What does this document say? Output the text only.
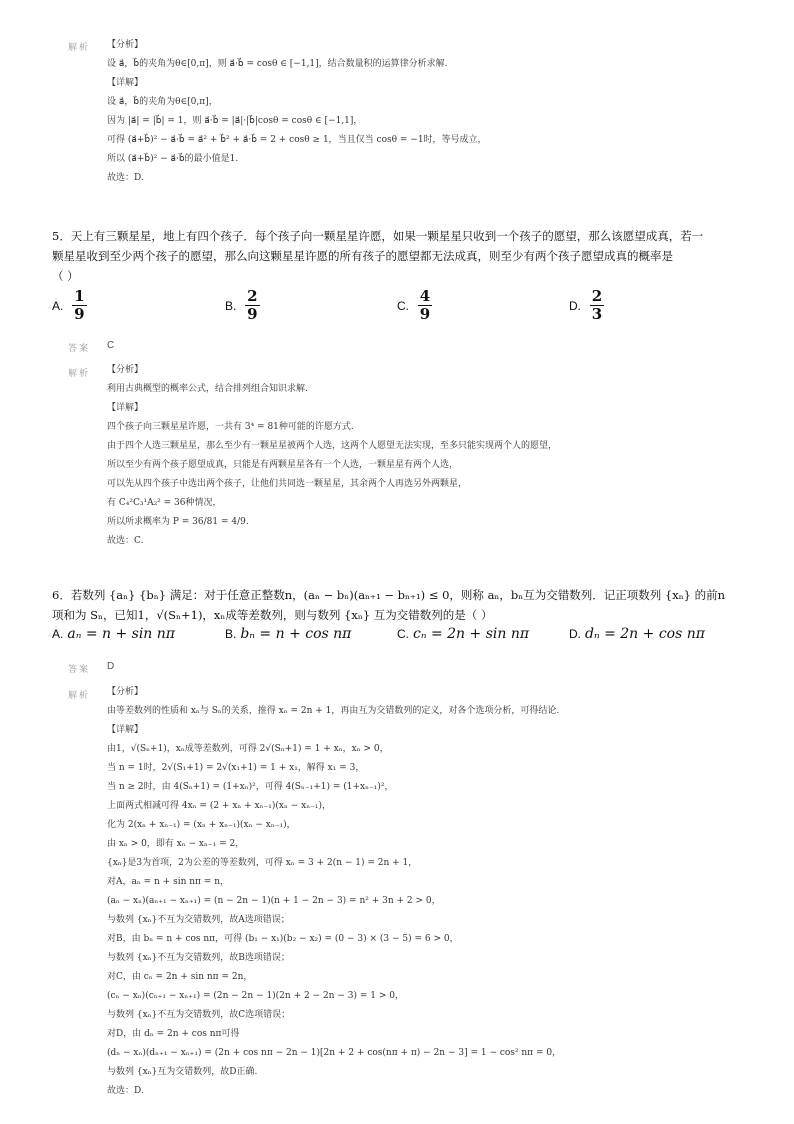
解析 【分析】
设 a⃗，b⃗的夹角为θ∈[0,π]，则 a⃗·b⃗ = cosθ ∈ [−1,1]，结合数量积的运算律分析求解.
【详解】
设 a⃗，b⃗的夹角为θ∈[0,π]，
因为 |a⃗| = |b⃗| = 1，则 a⃗·b⃗ = |a⃗|·|b⃗|cosθ = cosθ ∈ [−1,1]，
可得 (a⃗+b⃗)² − a⃗·b⃗ = a⃗² + b⃗² + a⃗·b⃗ = 2 + cosθ ≥ 1，当且仅当 cosθ = −1时，等号成立，
所以 (a⃗+b⃗)² − a⃗·b⃗的最小值是1.
故选：D.
5．天上有三颗星星，地上有四个孩子．每个孩子向一颗星星许愿，如果一颗星星只收到一个孩子的愿望，那么该愿望成真，若一
颗星星收到至少两个孩子的愿望，那么向这颗星星许愿的所有孩子的愿望都无法成真，则至少有两个孩子愿望成真的概率是
（ ）
A. $\frac{1}{9}$	B. $\frac{2}{9}$	C. $\frac{4}{9}$	D. $\frac{2}{3}$
答案 C
解析 【分析】
利用古典概型的概率公式，结合排列组合知识求解.
【详解】
四个孩子向三颗星星许愿，一共有 3⁴ = 81种可能的许愿方式.
由于四个人选三颗星星，那么至少有一颗星星被两个人选，这两个人愿望无法实现，至多只能实现两个人的愿望，
所以至少有两个孩子愿望成真，只能是有两颗星星各有一个人选，一颗星星有两个人选，
可以先从四个孩子中选出两个孩子，让他们共同选一颗星星，其余两个人再选另外两颗星，
有 C₄²C₃¹A₂² = 36种情况，
所以所求概率为 P = 36/81 = 4/9.
故选：C.
6．若数列 {aₙ} {bₙ} 满足：对于任意正整数n，(aₙ − bₙ)(aₙ₊₁ − bₙ₊₁) ≤ 0，则称 aₙ，bₙ互为交错数列．记正项数列 {xₙ} 的前n
项和为 Sₙ，已知1，√(Sₙ+1)，xₙ成等差数列，则与数列 {xₙ} 互为交错数列的是（ ）
A. aₙ = n + sin nπ	B. bₙ = n + cos nπ	C. cₙ = 2n + sin nπ	D. dₙ = 2n + cos nπ
答案 D
解析 【分析】
由等差数列的性质和 xₙ与 Sₙ的关系，推得 xₙ = 2n + 1，再由互为交错数列的定义，对各个选项分析，可得结论.
【详解】
由1，√(Sₙ+1)，xₙ成等差数列，可得 2√(Sₙ+1) = 1 + xₙ，xₙ > 0，
当 n = 1时，2√(S₁+1) = 2√(x₁+1) = 1 + x₁，解得 x₁ = 3，
当 n ≥ 2时，由 4(Sₙ+1) = (1+xₙ)²，可得 4(Sₙ₋₁+1) = (1+xₙ₋₁)²，
上面两式相减可得 4xₙ = (2 + xₙ + xₙ₋₁)(xₙ − xₙ₋₁)，
化为 2(xₙ + xₙ₋₁) = (xₙ + xₙ₋₁)(xₙ − xₙ₋₁)，
由 xₙ > 0，即有 xₙ − xₙ₋₁ = 2，
{xₙ}是3为首项，2为公差的等差数列，可得 xₙ = 3 + 2(n − 1) = 2n + 1，
对A，aₙ = n + sin nπ = n，
(aₙ − xₙ)(aₙ₊₁ − xₙ₊₁) = (n − 2n − 1)(n + 1 − 2n − 3) = n² + 3n + 2 > 0，
与数列 {xₙ}不互为交错数列，故A选项错误；
对B，由 bₙ = n + cos nπ，可得 (b₁ − x₁)(b₂ − x₂) = (0 − 3) × (3 − 5) = 6 > 0，
与数列 {xₙ}不互为交错数列，故B选项错误；
对C，由 cₙ = 2n + sin nπ = 2n，
(cₙ − xₙ)(cₙ₊₁ − xₙ₊₁) = (2n − 2n − 1)(2n + 2 − 2n − 3) = 1 > 0，
与数列 {xₙ}不互为交错数列，故C选项错误；
对D，由 dₙ = 2n + cos nπ可得
(dₙ − xₙ)(dₙ₊₁ − xₙ₊₁) = (2n + cos nπ − 2n − 1)[2n + 2 + cos(nπ + π) − 2n − 3] = 1 − cos² nπ = 0，
与数列 {xₙ}互为交错数列，故D正确.
故选：D.
